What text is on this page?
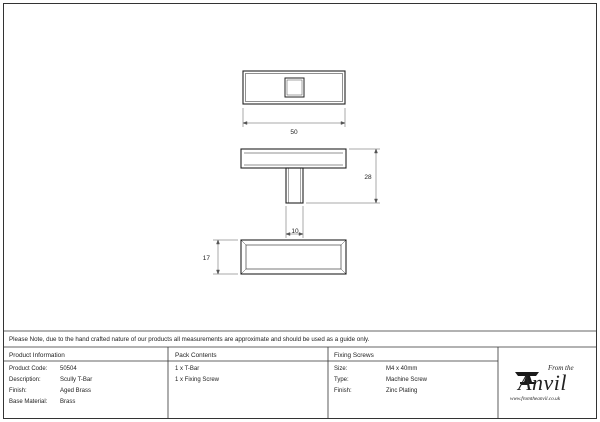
50
28
10
17
Please Note, due to the hand crafted nature of our products all measurements are approximate and should be used as a guide only.
Product Information
Product Code: 50504
Description:	Scully T-Bar
Finish:	Aged Brass
Base Material: Brass
Pack Contents
1 x T-Bar
1 x Fixing Screw
Fixing Screws
Size:	M4 x 40mm
Type:	Machine Screw
Finish:	Zinc Plating
From the
Anvil
www.fromtheanvil.co.uk
